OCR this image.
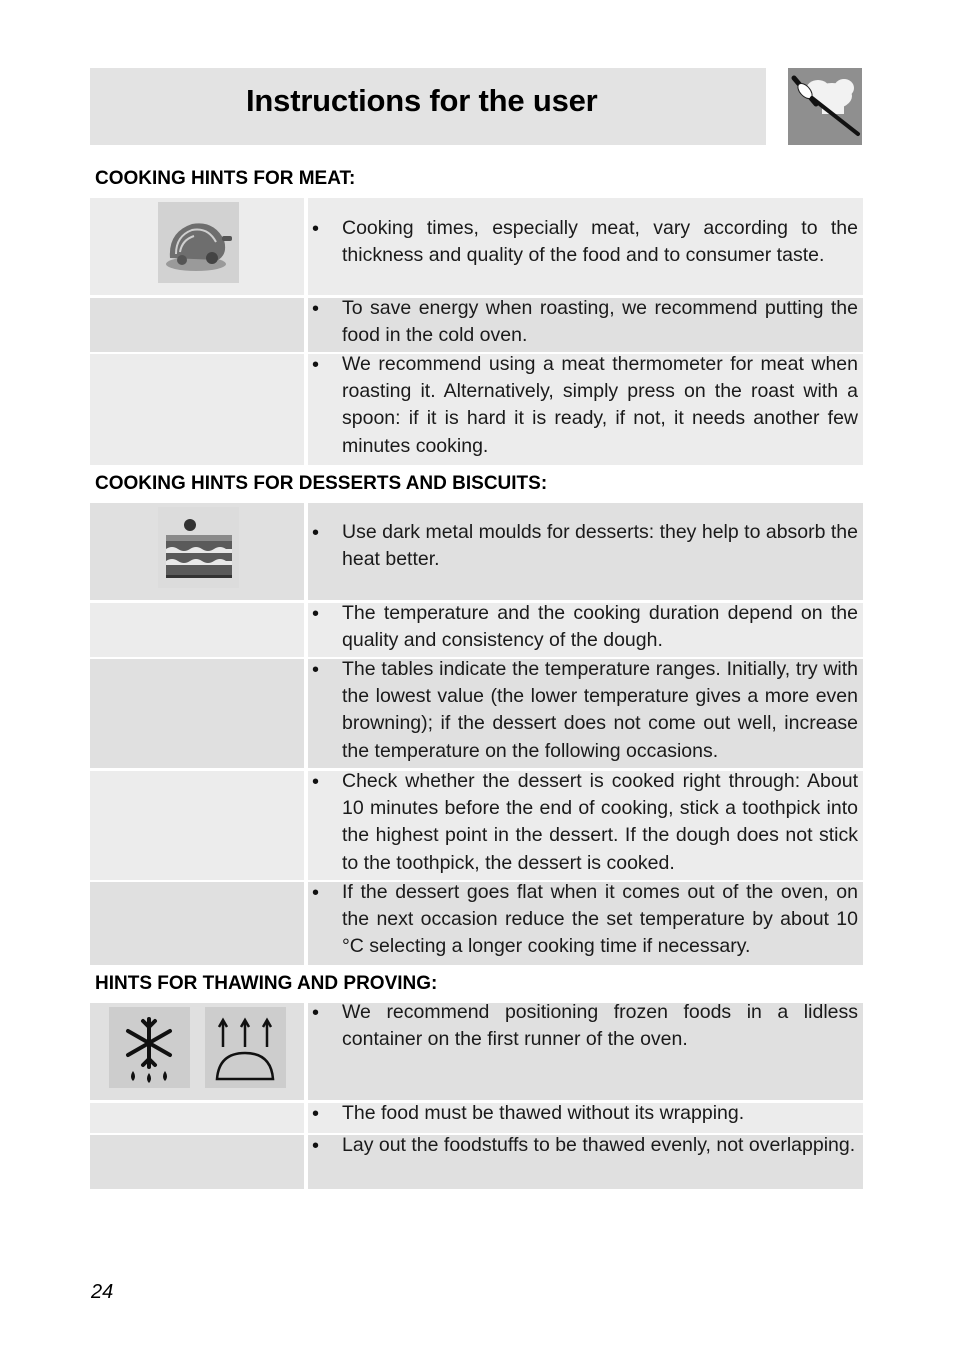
Instructions for the user
COOKING HINTS FOR MEAT:
• Cooking times, especially meat, vary according to the thickness and quality of the food and to consumer taste.

• To save energy when roasting, we recommend putting the food in the cold oven.

• We recommend using a meat thermometer for meat when roasting it. Alternatively, simply press on the roast with a spoon: if it is hard it is ready, if not, it needs another few minutes cooking.

COOKING HINTS FOR DESSERTS AND BISCUITS:
• Use dark metal moulds for desserts: they help to absorb the heat better.

• The temperature and the cooking duration depend on the quality and consistency of the dough.

• The tables indicate the temperature ranges. Initially, try with the lowest value (the lower temperature gives a more even browning); if the dessert does not come out well, increase the temperature on the following occasions.

• Check whether the dessert is cooked right through: About 10 minutes before the end of cooking, stick a toothpick into the highest point in the dessert. If the dough does not stick to the toothpick, the dessert is cooked.

• If the dessert goes flat when it comes out of the oven, on the next occasion reduce the set temperature by about 10 °C selecting a longer cooking time if necessary.

HINTS FOR THAWING AND PROVING:
• We recommend positioning frozen foods in a lidless container on the first runner of the oven.

• The food must be thawed without its wrapping.

• Lay out the foodstuffs to be thawed evenly, not overlapping.

24
